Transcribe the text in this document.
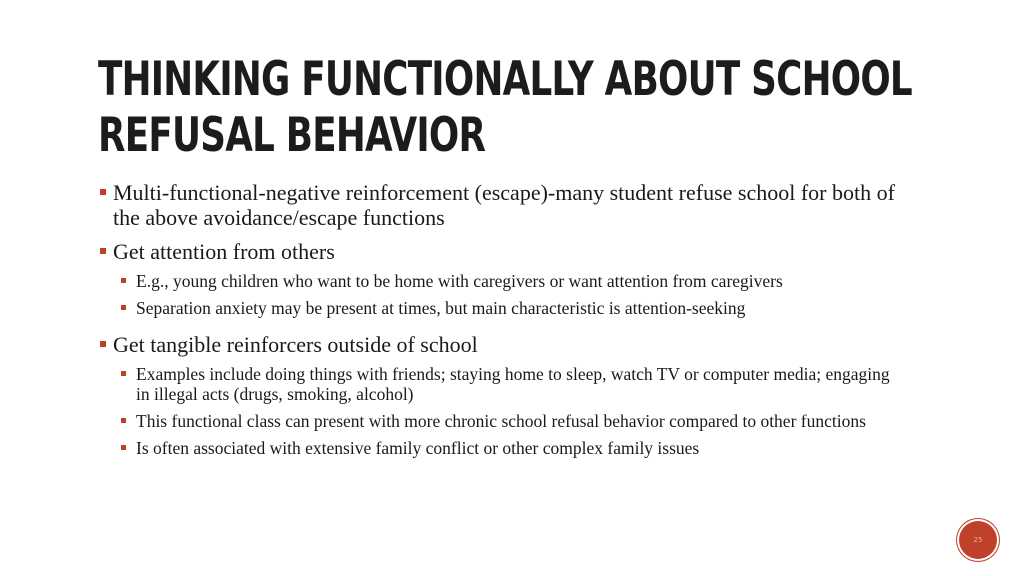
THINKING FUNCTIONALLY ABOUT SCHOOL
REFUSAL BEHAVIOR
Multi-functional-negative reinforcement (escape)-many student refuse school for both of the above avoidance/escape functions
Get attention from others
E.g., young children who want to be home with caregivers or want attention from caregivers
Separation anxiety may be present at times, but main characteristic is attention-seeking
Get tangible reinforcers outside of school
Examples include doing things with friends; staying home to sleep, watch TV or computer media; engaging in illegal acts (drugs, smoking, alcohol)
This functional class can present with more chronic school refusal behavior compared to other functions
Is often associated with extensive family conflict or other complex family issues
25
